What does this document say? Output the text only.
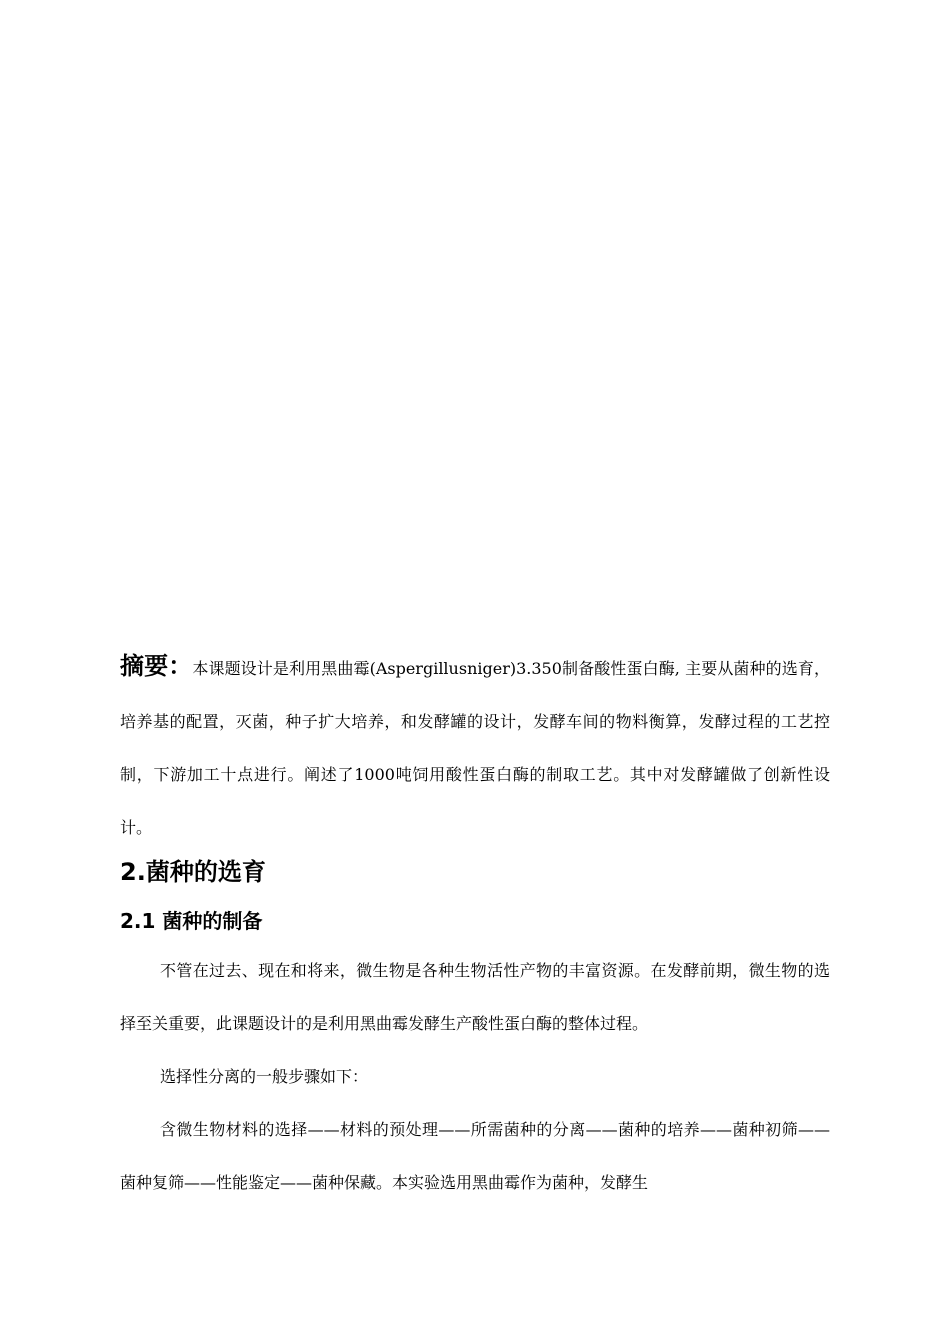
摘要：本课题设计是利用黑曲霉(Aspergillusniger)3.350制备酸性蛋白酶, 主要从菌种的选育，培养基的配置，灭菌，种子扩大培养，和发酵罐的设计，发酵车间的物料衡算，发酵过程的工艺控制，下游加工十点进行。阐述了1000吨饲用酸性蛋白酶的制取工艺。其中对发酵罐做了创新性设计。

2.菌种的选育
2.1 菌种的制备

不管在过去、现在和将来，微生物是各种生物活性产物的丰富资源。在发酵前期，微生物的选择至关重要，此课题设计的是利用黑曲霉发酵生产酸性蛋白酶的整体过程。

选择性分离的一般步骤如下：

含微生物材料的选择——材料的预处理——所需菌种的分离——菌种的培养——菌种初筛——菌种复筛——性能鉴定——菌种保藏。本实验选用黑曲霉作为菌种，发酵生
